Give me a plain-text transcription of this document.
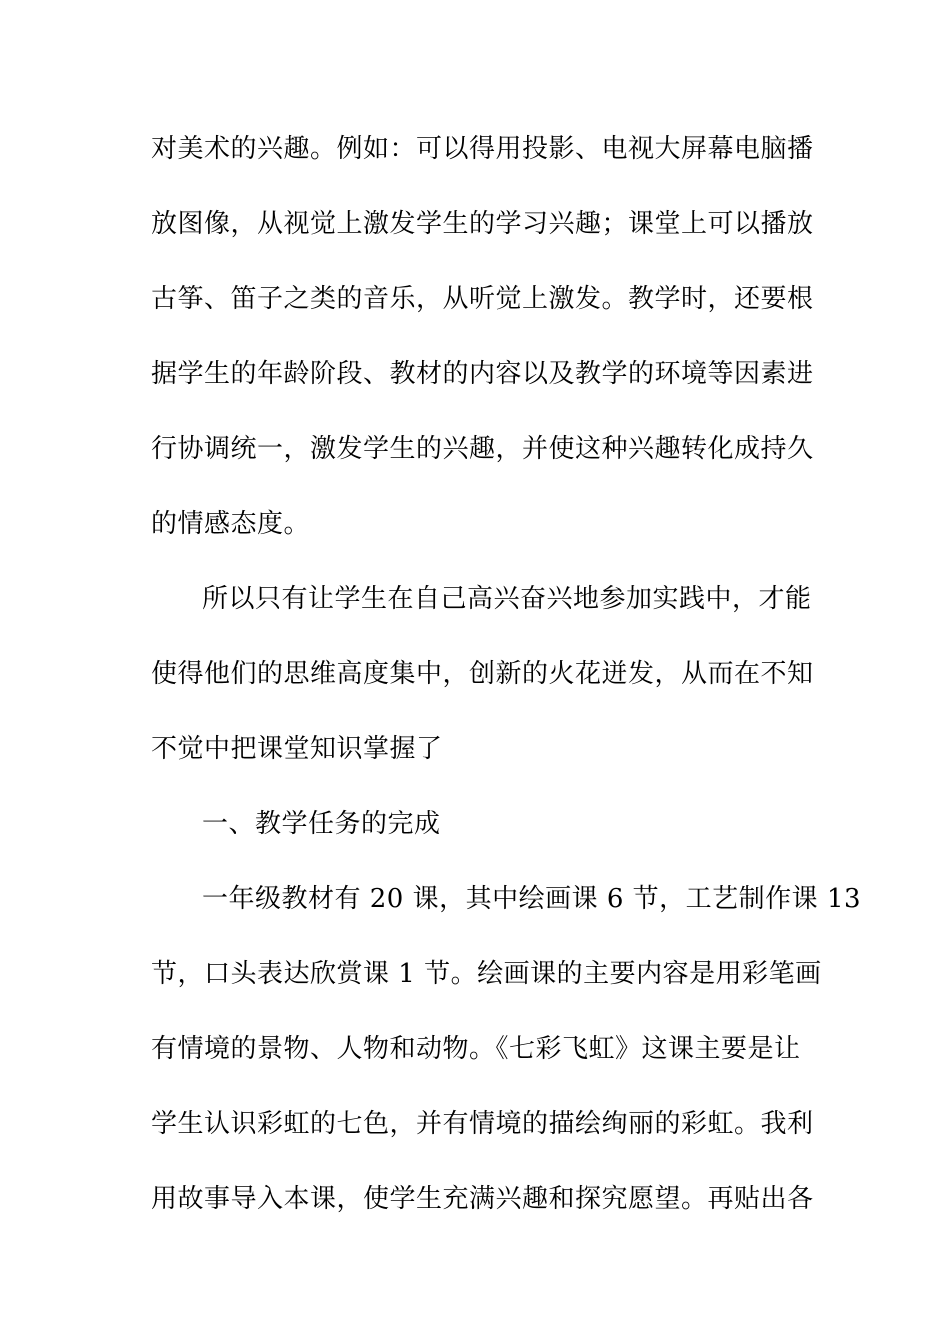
对美术的兴趣。例如：可以得用投影、电视大屏幕电脑播
放图像，从视觉上激发学生的学习兴趣；课堂上可以播放
古筝、笛子之类的音乐，从听觉上激发。教学时，还要根
据学生的年龄阶段、教材的内容以及教学的环境等因素进
行协调统一，激发学生的兴趣，并使这种兴趣转化成持久
的情感态度。
所以只有让学生在自己高兴奋兴地参加实践中，才能
使得他们的思维高度集中，创新的火花迸发，从而在不知
不觉中把课堂知识掌握了
一、教学任务的完成
一年级教材有 20 课，其中绘画课 6 节，工艺制作课 13
节，口头表达欣赏课 1 节。绘画课的主要内容是用彩笔画
有情境的景物、人物和动物。《七彩飞虹》这课主要是让
学生认识彩虹的七色，并有情境的描绘绚丽的彩虹。我利
用故事导入本课，使学生充满兴趣和探究愿望。再贴出各
